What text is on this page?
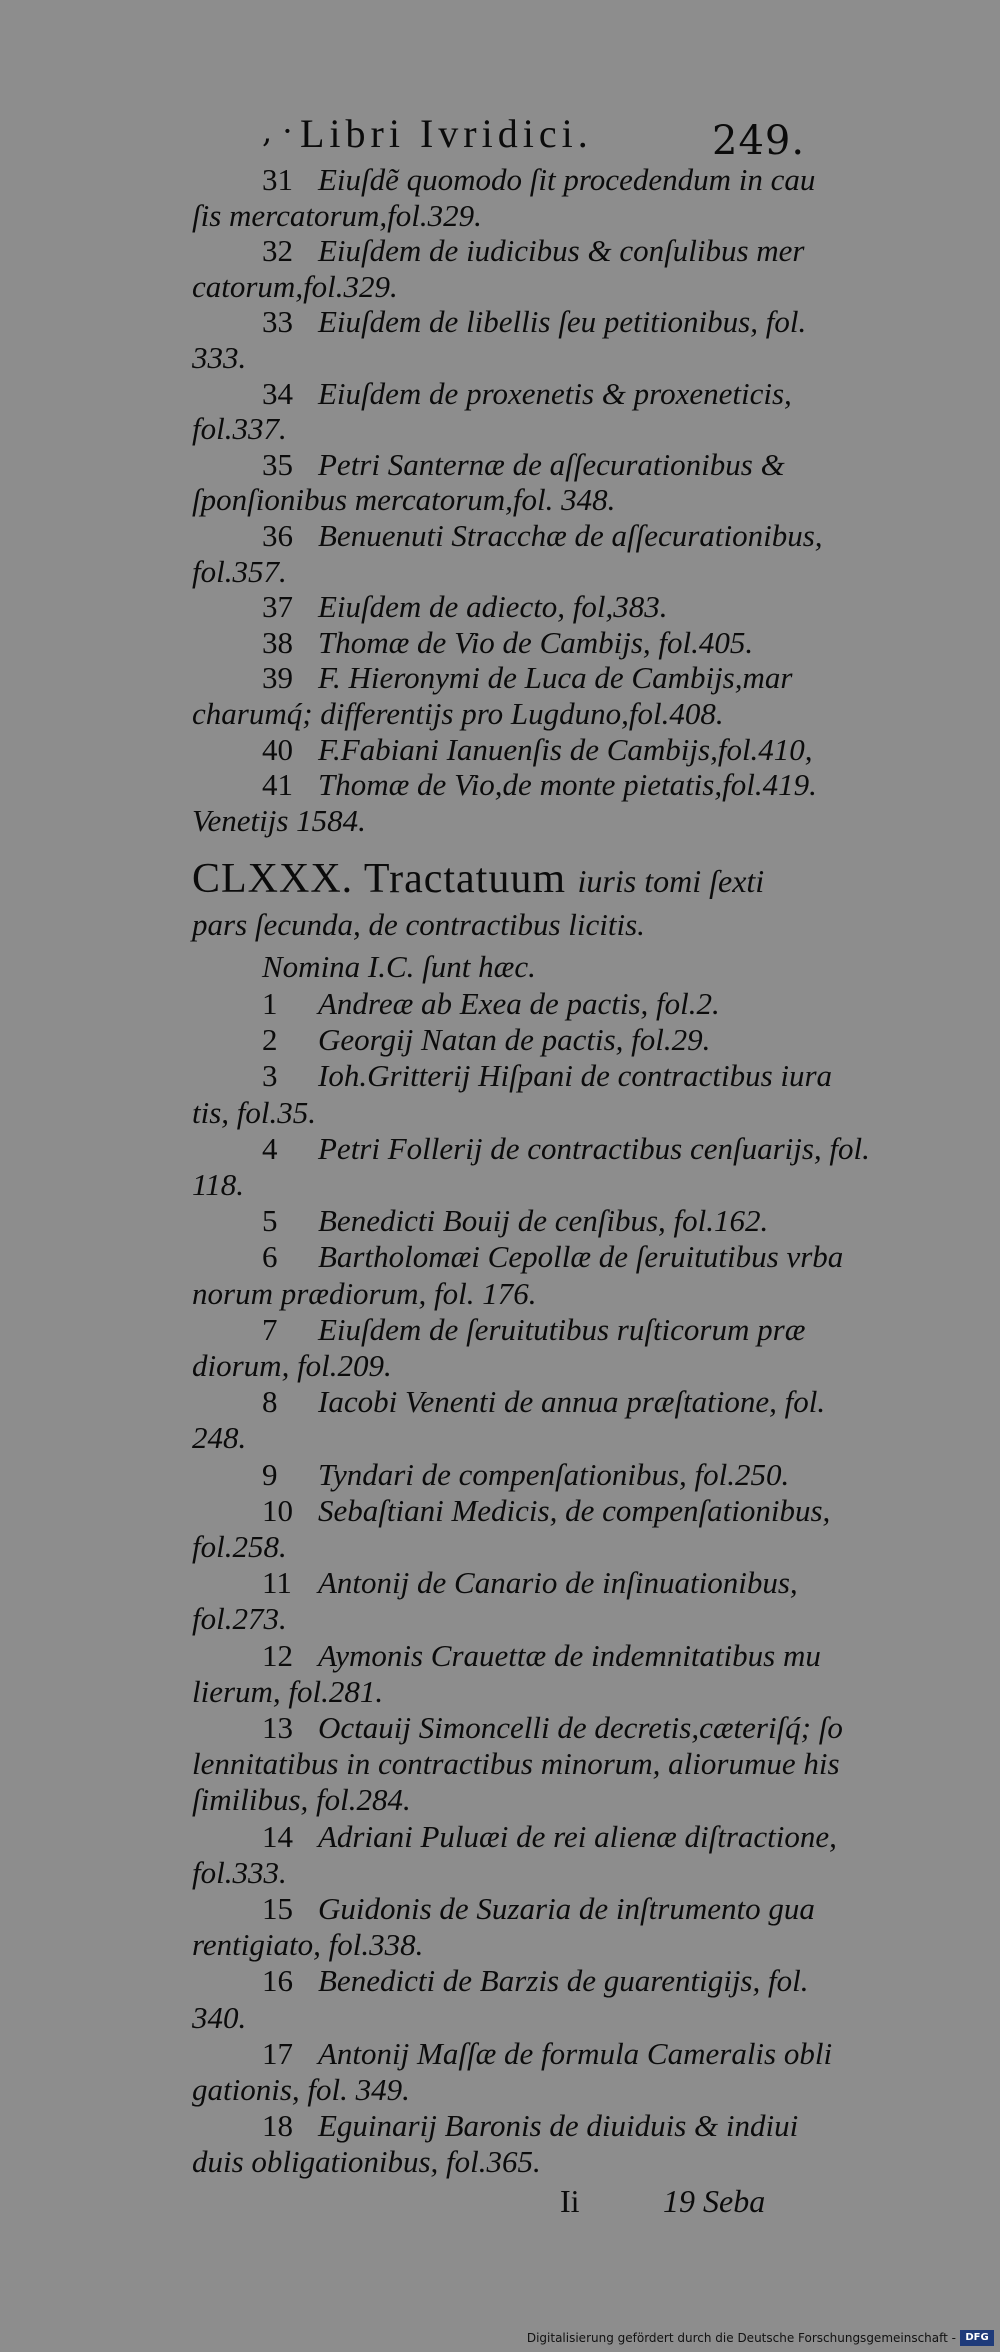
, · Libri Ivridici.	249.
31 Eiuſdẽ quomodo ſit procedendum in cau
ſis mercatorum,fol.329.
32 Eiuſdem de iudicibus & conſulibus mer
catorum,fol.329.
33 Eiuſdem de libellis ſeu petitionibus, fol.
333.
34 Eiuſdem de proxenetis & proxeneticis,
fol.337.
35 Petri Santernæ de aſſecurationibus &
ſponſionibus mercatorum,fol. 348.
36 Benuenuti Stracchæ de aſſecurationibus,
fol.357.
37 Eiuſdem de adiecto, fol,383.
38 Thomæ de Vio de Cambijs, fol.405.
39 F. Hieronymi de Luca de Cambijs,mar
charumq́; differentijs pro Lugduno,fol.408.
40 F.Fabiani Ianuenſis de Cambijs,fol.410,
41 Thomæ de Vio,de monte pietatis,fol.419.
Venetijs 1584.
CLXXX. Tractatuum iuris tomi ſexti
pars ſecunda, de contractibus licitis.
Nomina I.C. ſunt hæc.
1 Andreæ ab Exea de pactis, fol.2.
2 Georgij Natan de pactis, fol.29.
3 Ioh.Gritterij Hiſpani de contractibus iura
tis, fol.35.
4 Petri Follerij de contractibus cenſuarijs, fol.
118.
5 Benedicti Bouij de cenſibus, fol.162.
6 Bartholomæi Cepollæ de ſeruitutibus vrba
norum prædiorum, fol. 176.
7 Eiuſdem de ſeruitutibus ruſticorum præ
diorum, fol.209.
8 Iacobi Venenti de annua præſtatione, fol.
248.
9 Tyndari de compenſationibus, fol.250.
10 Sebaſtiani Medicis, de compenſationibus,
fol.258.
11 Antonij de Canario de inſinuationibus,
fol.273.
12 Aymonis Crauettæ de indemnitatibus mu
lierum, fol.281.
13 Octauij Simoncelli de decretis,cæteriſq́; ſo
lennitatibus in contractibus minorum, aliorumue his
ſimilibus, fol.284.
14 Adriani Puluæi de rei alienæ diſtractione,
fol.333.
15 Guidonis de Suzaria de inſtrumento gua
rentigiato, fol.338.
16 Benedicti de Barzis de guarentigijs, fol.
340.
17 Antonij Maſſæ de formula Cameralis obli
gationis, fol. 349.
18 Eguinarij Baronis de diuiduis & indiui
duis obligationibus, fol.365.
Ii	19 Seba
Digitalisierung gefördert durch die Deutsche Forschungsgemeinschaft - DFG
